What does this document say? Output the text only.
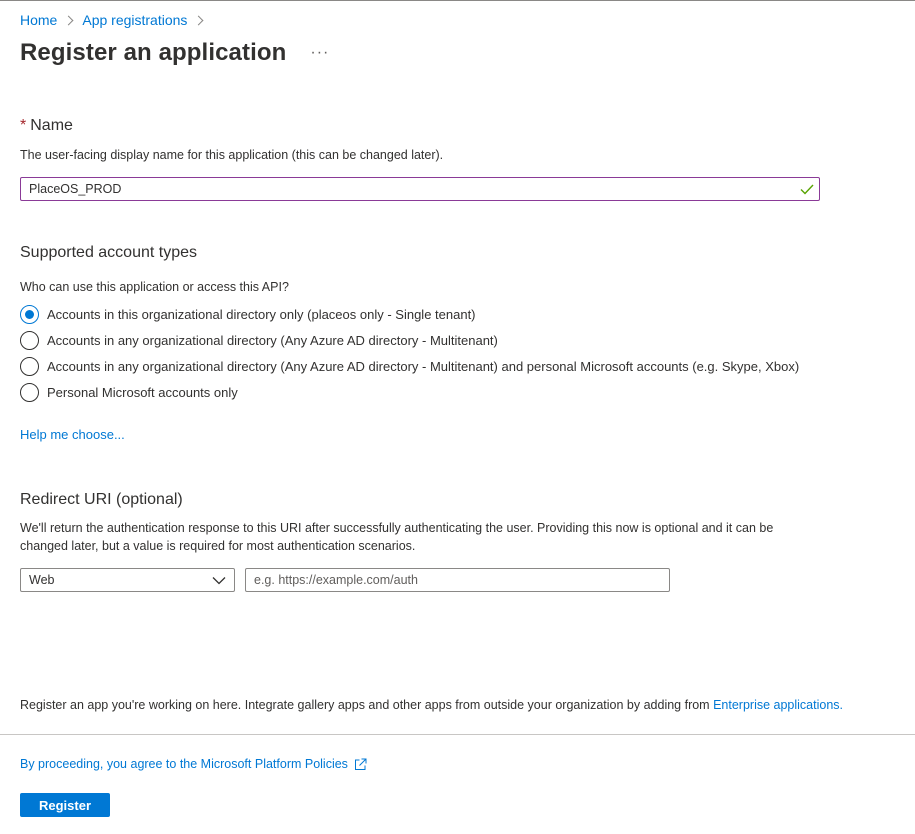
Home App registrations
Register an application ···
* Name
The user-facing display name for this application (this can be changed later).
PlaceOS_PROD
Supported account types
Who can use this application or access this API?
Accounts in this organizational directory only (placeos only - Single tenant)
Accounts in any organizational directory (Any Azure AD directory - Multitenant)
Accounts in any organizational directory (Any Azure AD directory - Multitenant) and personal Microsoft accounts (e.g. Skype, Xbox)
Personal Microsoft accounts only
Help me choose...
Redirect URI (optional)
We'll return the authentication response to this URI after successfully authenticating the user. Providing this now is optional and it can be changed later, but a value is required for most authentication scenarios.
Web
e.g. https://example.com/auth
Register an app you're working on here. Integrate gallery apps and other apps from outside your organization by adding from Enterprise applications.
By proceeding, you agree to the Microsoft Platform Policies
Register
